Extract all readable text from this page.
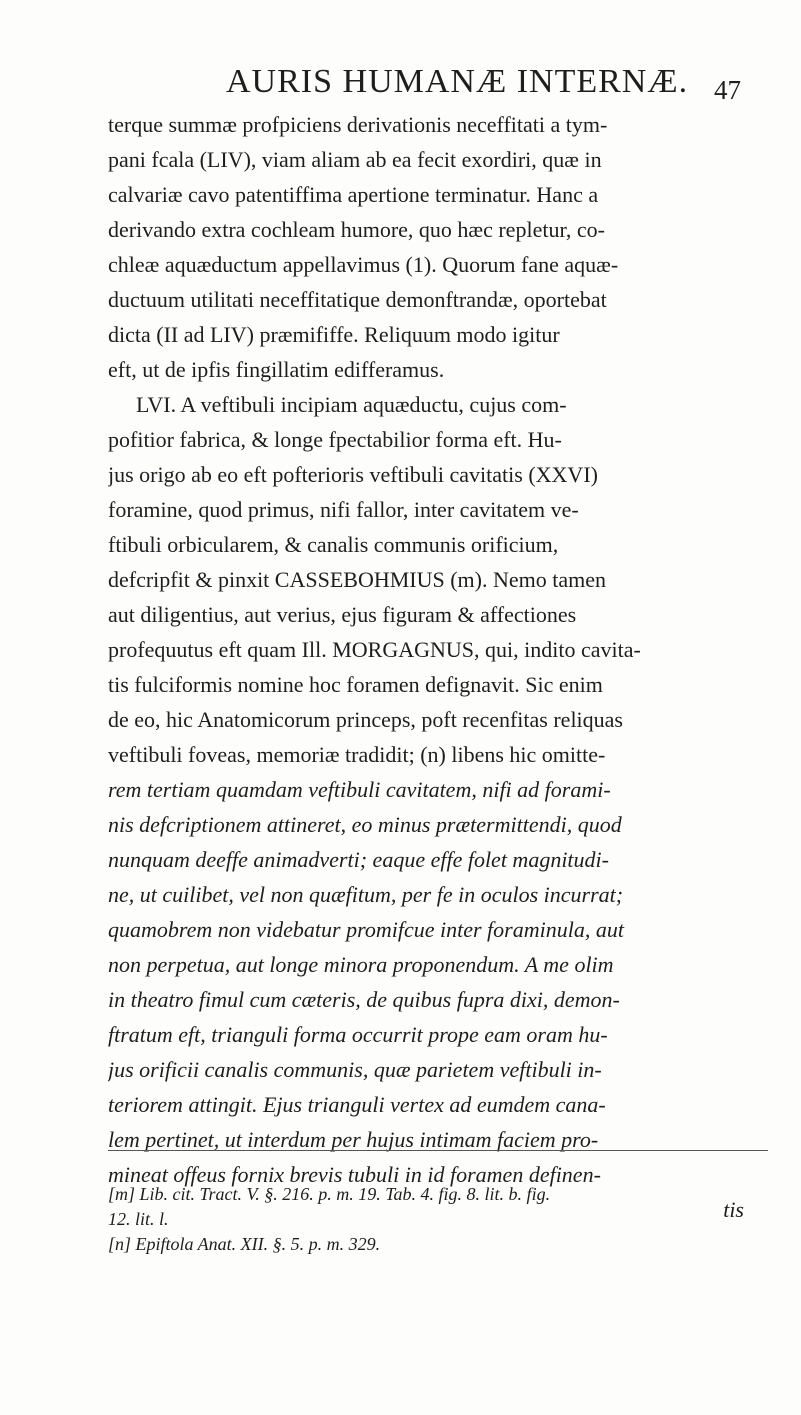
AURIS HUMANÆ INTERNÆ. 47
terque summæ profpiciens derivationis neceffitati a tym-
pani fcala (LIV), viam aliam ab ea fecit exordiri, quæ in
calvariæ cavo patentiffima apertione terminatur. Hanc a
derivando extra cochleam humore, quo hæc repletur, co-
chleæ aquæductum appellavimus (1). Quorum fane aquæ-
ductuum utilitati neceffitatique demonftrandæ, oportebat
dicta (II ad LIV) præmififfe. Reliquum modo igitur
eft, ut de ipfis fingillatim edifferamus.
LVI. A veftibuli incipiam aquæductu, cujus com-
pofitior fabrica, & longe fpectabilior forma eft. Hu-
jus origo ab eo eft pofterioris veftibuli cavitatis (XXVI)
foramine, quod primus, nifi fallor, inter cavitatem ve-
ftibuli orbicularem, & canalis communis orificium,
defcripfit & pinxit CASSEBOHMIUS (m). Nemo tamen
aut diligentius, aut verius, ejus figuram & affectiones
profequutus eft quam Ill. MORGAGNUS, qui, indito cavita-
tis fulciformis nomine hoc foramen defignavit. Sic enim
de eo, hic Anatomicorum princeps, poft recenfitas reliquas
veftibuli foveas, memoriæ tradidit; (n) libens hic omitte-
rem tertiam quamdam veftibuli cavitatem, nifi ad forami-
nis defcriptionem attineret, eo minus prætermittendi, quod
nunquam deeffe animadverti; eaque effe folet magnitudi-
ne, ut cuilibet, vel non quæfitum, per fe in oculos incurrat;
quamobrem non videbatur promifcue inter foraminula, aut
non perpetua, aut longe minora proponendum. A me olim
in theatro fimul cum cæteris, de quibus fupra dixi, demon-
ftratum eft, trianguli forma occurrit prope eam oram hu-
jus orificii canalis communis, quæ parietem veftibuli in-
teriorem attingit. Ejus trianguli vertex ad eumdem cana-
lem pertinet, ut interdum per hujus intimam faciem pro-
mineat offeus fornix brevis tubuli in id foramen definen-
tis
[m] Lib. cit. Tract. V. §. 216. p. m. 19. Tab. 4. fig. 8. lit. b. fig.
12. lit. l.
[n] Epiftola Anat. XII. §. 5. p. m. 329.
